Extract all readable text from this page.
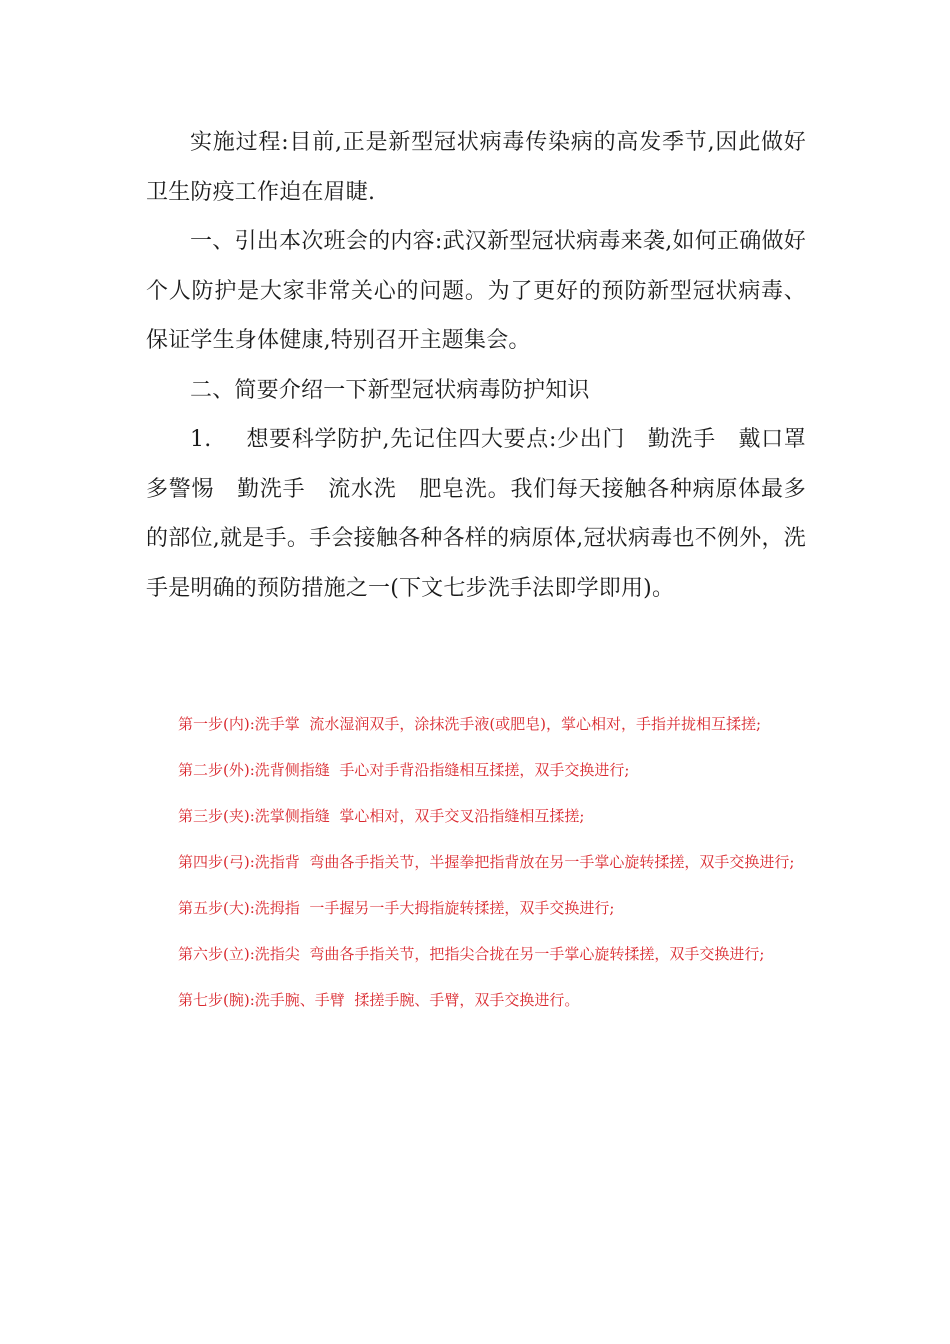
实施过程:目前,正是新型冠状病毒传染病的高发季节,因此做好卫生防疫工作迫在眉睫.

一、引出本次班会的内容:武汉新型冠状病毒来袭,如何正确做好个人防护是大家非常关心的问题。为了更好的预防新型冠状病毒、保证学生身体健康,特别召开主题集会。

二、简要介绍一下新型冠状病毒防护知识

1. 想要科学防护,先记住四大要点:少出门　勤洗手　戴口罩　多警惕　勤洗手　流水洗　肥皂洗。我们每天接触各种病原体最多的部位,就是手。手会接触各种各样的病原体,冠状病毒也不例外，洗手是明确的预防措施之一(下文七步洗手法即学即用)。

第一步(内):洗手掌 流水湿润双手，涂抹洗手液(或肥皂)，掌心相对，手指并拢相互揉搓;

第二步(外):洗背侧指缝 手心对手背沿指缝相互揉搓，双手交换进行;

第三步(夹):洗掌侧指缝 掌心相对，双手交叉沿指缝相互揉搓;

第四步(弓):洗指背 弯曲各手指关节，半握拳把指背放在另一手掌心旋转揉搓，双手交换进行;

第五步(大):洗拇指 一手握另一手大拇指旋转揉搓，双手交换进行;

第六步(立):洗指尖 弯曲各手指关节，把指尖合拢在另一手掌心旋转揉搓，双手交换进行;

第七步(腕):洗手腕、手臂 揉搓手腕、手臂，双手交换进行。
